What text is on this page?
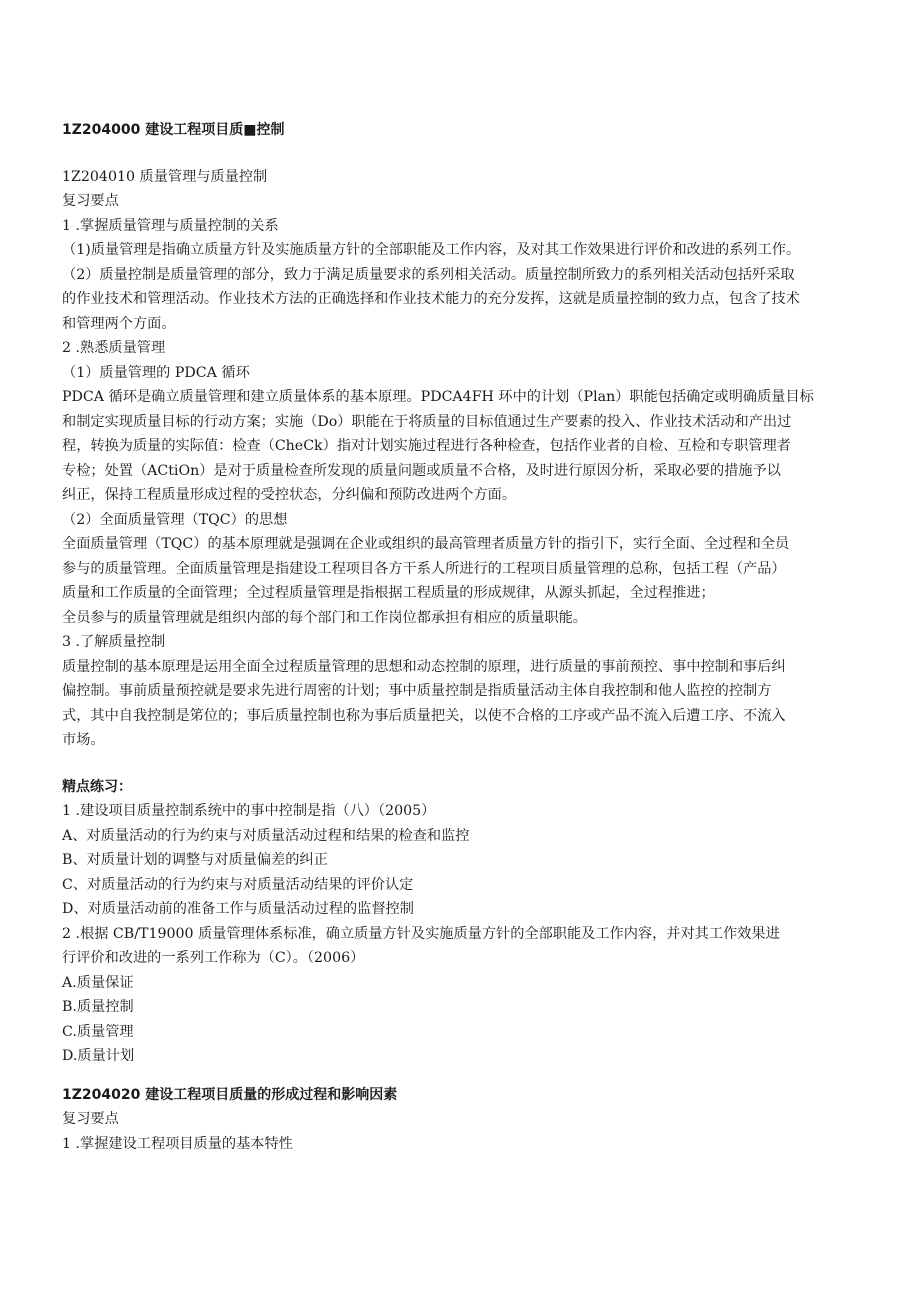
1Z204000 建设工程项目质■控制

1Z204010 质量管理与质量控制

复习要点

1 .掌握质量管理与质量控制的关系

（1)质量管理是指确立质量方针及实施质量方针的全部职能及工作内容，及对其工作效果进行评价和改进的系列工作。

（2）质量控制是质量管理的部分，致力于满足质量要求的系列相关活动。质量控制所致力的系列相关活动包括歼采取

的作业技术和管理活动。作业技术方法的正确选择和作业技术能力的充分发挥，这就是质量控制的致力点，包含了技术

和管理两个方面。

2 .熟悉质量管理

（1）质量管理的 PDCA 循环

PDCA 循环是确立质量管理和建立质量体系的基本原理。PDCA4FH 环中的计划（Plan）职能包括确定或明确质量目标

和制定实现质量目标的行动方案；实施（Do）职能在于将质量的目标值通过生产要素的投入、作业技术活动和产出过

程，转换为质量的实际值：检查（CheCk）指对计划实施过程进行各种检查，包括作业者的自检、互检和专职管理者

专检；处置（ACtiOn）是对于质量检查所发现的质量问题或质量不合格，及时进行原因分析，采取必要的措施予以

纠正，保持工程质量形成过程的受控状态，分纠偏和预防改进两个方面。

（2）全面质量管理（TQC）的思想

全面质量管理（TQC）的基本原理就是强调在企业或组织的最高管理者质量方针的指引下，实行全面、全过程和全员

参与的质量管理。全面质量管理是指建设工程项目各方干系人所进行的工程项目质量管理的总称，包括工程（产品）

质量和工作质量的全面管理；全过程质量管理是指根据工程质量的形成规律，从源头抓起，全过程推进；

全员参与的质量管理就是组织内部的每个部门和工作岗位都承担有相应的质量职能。

3 .了解质量控制

质量控制的基本原理是运用全面全过程质量管理的思想和动态控制的原理，进行质量的事前预控、事中控制和事后纠

偏控制。事前质量预控就是要求先进行周密的计划；事中质量控制是指质量活动主体自我控制和他人监控的控制方

式，其中自我控制是笫位的；事后质量控制也称为事后质量把关，以使不合格的工序或产品不流入后遭工序、不流入

市场。

精点练习：

1 .建设项目质量控制系统中的事中控制是指（八）（2005）

A、对质量活动的行为约束与对质量活动过程和结果的检查和监控

B、对质量计划的调整与对质量偏差的纠正

C、对质量活动的行为约束与对质量活动结果的评价认定

D、对质量活动前的准备工作与质量活动过程的监督控制

2 .根据 CB/T19000 质量管理体系标准，确立质量方针及实施质量方针的全部职能及工作内容，并对其工作效果进

行评价和改进的一系列工作称为（C）。（2006）

A.质量保证

B.质量控制

C.质量管理

D.质量计划

1Z204020 建设工程项目质量的形成过程和影响因素

复习要点

1 .掌握建设工程项目质量的基本特性
